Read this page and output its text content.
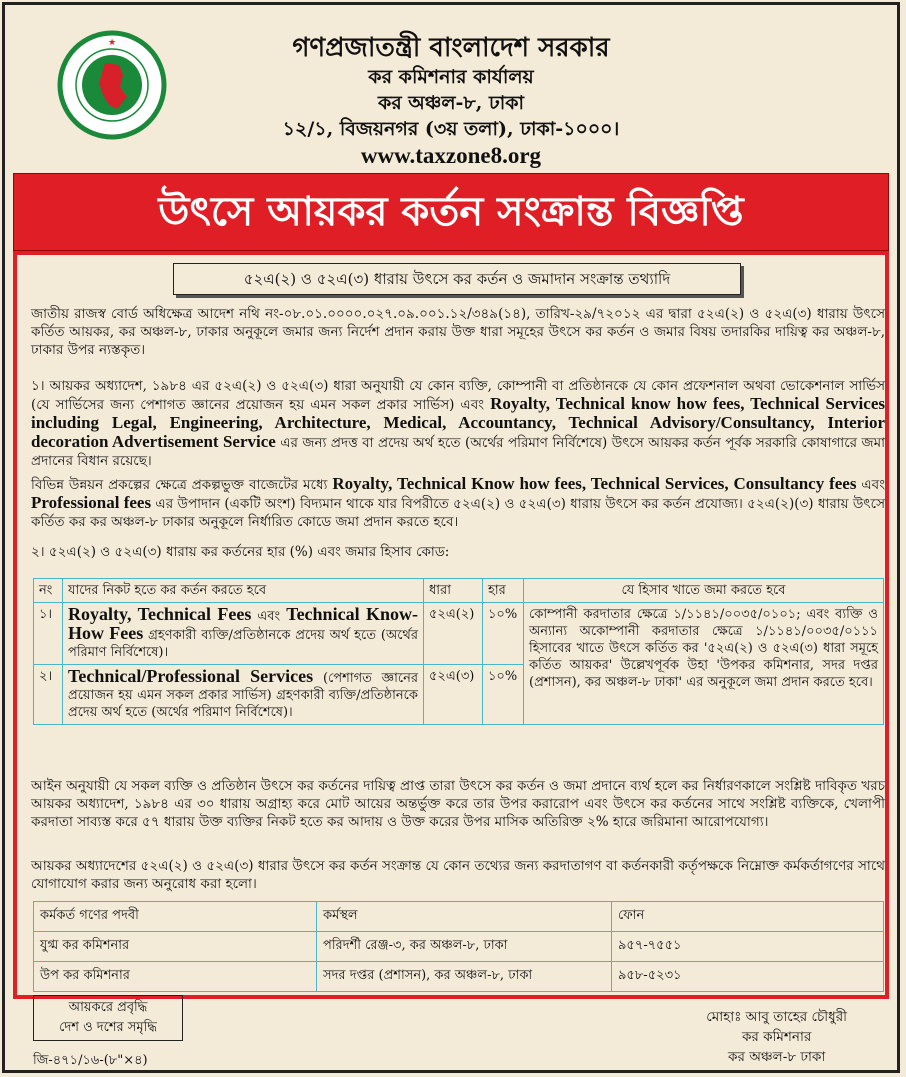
★	গণপ্রজাতন্ত্রী বাংলাদেশ সরকার
কর কমিশনার কার্যালয়
কর অঞ্চল-৮, ঢাকা
১২/১, বিজয়নগর (৩য় তলা), ঢাকা-১০০০।
www.taxzone8.org
উৎসে আয়কর কর্তন সংক্রান্ত বিজ্ঞপ্তি
৫২এ(২) ও ৫২এ(৩) ধারায় উৎসে কর কর্তন ও জমাদান সংক্রান্ত তথ্যাদি
জাতীয় রাজস্ব বোর্ড অধিক্ষেত্র আদেশ নথি নং-০৮.০১.০০০০.০২৭.০৯.০০১.১২/৩৪৯(১৪), তারিখ-২৯/৭২০১২ এর দ্বারা ৫২এ(২) ও ৫২এ(৩) ধারায় উৎসে কর্তিত আয়কর, কর অঞ্চল-৮, ঢাকার অনুকূলে জমার জন্য নির্দেশ প্রদান করায় উক্ত ধারা সমূহের উৎসে কর কর্তন ও জমার বিষয় তদারকির দায়িত্ব কর অঞ্চল-৮, ঢাকার উপর ন্যস্তকৃত।
১। আয়কর অধ্যাদেশ, ১৯৮৪ এর ৫২এ(২) ও ৫২এ(৩) ধারা অনুযায়ী যে কোন ব্যক্তি, কোম্পানী বা প্রতিষ্ঠানকে যে কোন প্রফেশনাল অথবা ভোকেশনাল সার্ভিস (যে সার্ভিসের জন্য পেশাগত জ্ঞানের প্রয়োজন হয় এমন সকল প্রকার সার্ভিস) এবং Royalty, Technical know how fees, Technical Services including Legal, Engineering, Architecture, Medical, Accountancy, Technical Advisory/Consultancy, Interior decoration Advertisement Service এর জন্য প্রদত্ত বা প্রদেয় অর্থ হতে (অর্থের পরিমাণ নির্বিশেষে) উৎসে আয়কর কর্তন পূর্বক সরকারি কোষাগারে জমা প্রদানের বিধান রয়েছে।
বিভিন্ন উন্নয়ন প্রকল্পের ক্ষেত্রে প্রকল্পভুক্ত বাজেটের মধ্যে Royalty, Technical Know how fees, Technical Services, Consultancy fees এবং Professional fees এর উপাদান (একটি অংশ) বিদ্যমান থাকে যার বিপরীতে ৫২এ(২) ও ৫২এ(৩) ধারায় উৎসে কর কর্তন প্রযোজ্য। ৫২এ(২)(৩) ধারায় উৎসে কর্তিত কর কর অঞ্চল-৮ ঢাকার অনুকূলে নির্ধারিত কোডে জমা প্রদান করতে হবে।
২। ৫২এ(২) ও ৫২এ(৩) ধারায় কর কর্তনের হার (%) এবং জমার হিসাব কোড:
নং	যাদের নিকট হতে কর কর্তন করতে হবে	ধারা	হার	যে হিসাব খাতে জমা করতে হবে
১।	Royalty, Technical Fees এবং Technical Know-How Fees গ্রহণকারী ব্যক্তি/প্রতিষ্ঠানকে প্রদেয় অর্থ হতে (অর্থের পরিমাণ নির্বিশেষে)।	৫২এ(২)	১০%	কোম্পানী করদাতার ক্ষেত্রে ১/১১৪১/০০৩৫/০১০১; এবং ব্যক্তি ও অন্যান্য অকোম্পানী করদাতার ক্ষেত্রে ১/১১৪১/০০৩৫/০১১১ হিসাবের খাতে উৎসে কর্তিত কর '৫২এ(২) ও ৫২এ(৩) ধারা সমূহে কর্তিত আয়কর' উল্লেখপূর্বক উহা 'উপকর কমিশনার, সদর দপ্তর (প্রশাসন), কর অঞ্চল-৮ ঢাকা' এর অনুকূলে জমা প্রদান করতে হবে।
২।	Technical/Professional Services (পেশাগত জ্ঞানের প্রয়োজন হয় এমন সকল প্রকার সার্ভিস) গ্রহণকারী ব্যক্তি/প্রতিষ্ঠানকে প্রদেয় অর্থ হতে (অর্থের পরিমাণ নির্বিশেষে)।	৫২এ(৩)	১০%	
আইন অনুযায়ী যে সকল ব্যক্তি ও প্রতিষ্ঠান উৎসে কর কর্তনের দায়িত্ব প্রাপ্ত তারা উৎসে কর কর্তন ও জমা প্রদানে ব্যর্থ হলে কর নির্ধারণকালে সংশ্লিষ্ট দাবিকৃত খরচ আয়কর অধ্যাদেশ, ১৯৮৪ এর ৩০ ধারায় অগ্রাহ্য করে মোট আয়ের অন্তর্ভুক্ত করে তার উপর করারোপ এবং উৎসে কর কর্তনের সাথে সংশ্লিষ্ট ব্যক্তিকে, খেলাপী করদাতা সাব্যস্ত করে ৫৭ ধারায় উক্ত ব্যক্তির নিকট হতে কর আদায় ও উক্ত করের উপর মাসিক অতিরিক্ত ২% হারে জরিমানা আরোপযোগ্য।
আয়কর অধ্যাদেশের ৫২এ(২) ও ৫২এ(৩) ধারার উৎসে কর কর্তন সংক্রান্ত যে কোন তথ্যের জন্য করদাতাগণ বা কর্তনকারী কর্তৃপক্ষকে নিম্নোক্ত কর্মকর্তাগণের সাথে যোগাযোগ করার জন্য অনুরোধ করা হলো।
কর্মকর্ত গণের পদবী	কর্মস্থল	ফোন
যুগ্ম কর কমিশনার	পরিদর্শী রেঞ্জ-৩, কর অঞ্চল-৮, ঢাকা	৯৫৭-৭৫৫১
উপ কর কমিশনার	সদর দপ্তর (প্রশাসন), কর অঞ্চল-৮, ঢাকা	৯৫৮-৫২৩১
আয়করে প্রবৃদ্ধি
দেশ ও দশের সমৃদ্ধি
জি-৪৭১/১৬-(৮"×৪)
মোহাঃ আবু তাহের চৌধুরী
কর কমিশনার
কর অঞ্চল-৮ ঢাকা
